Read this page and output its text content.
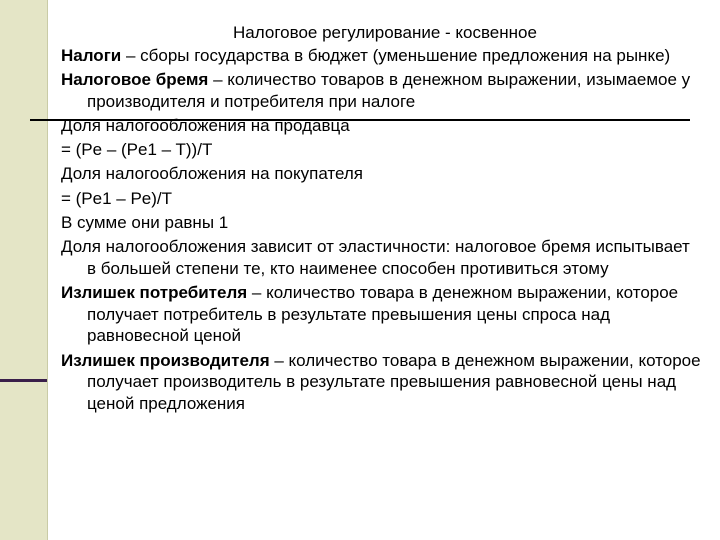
Налоговое регулирование - косвенное

Налоги – сборы государства в бюджет (уменьшение предложения на рынке)

Налоговое бремя – количество товаров в денежном выражении, изымаемое у производителя и потребителя при налоге

Доля налогообложения на продавца

= (Pe – (Pe1 – T))/T

Доля налогообложения на покупателя

= (Pe1 – Pe)/T

В сумме они равны 1

Доля налогообложения зависит от эластичности: налоговое бремя испытывает в большей степени те, кто наименее способен противиться этому

Излишек потребителя – количество товара в денежном выражении, которое получает потребитель в результате превышения цены спроса над равновесной ценой

Излишек производителя – количество товара в денежном выражении, которое получает производитель в результате превышения равновесной цены над ценой предложения
